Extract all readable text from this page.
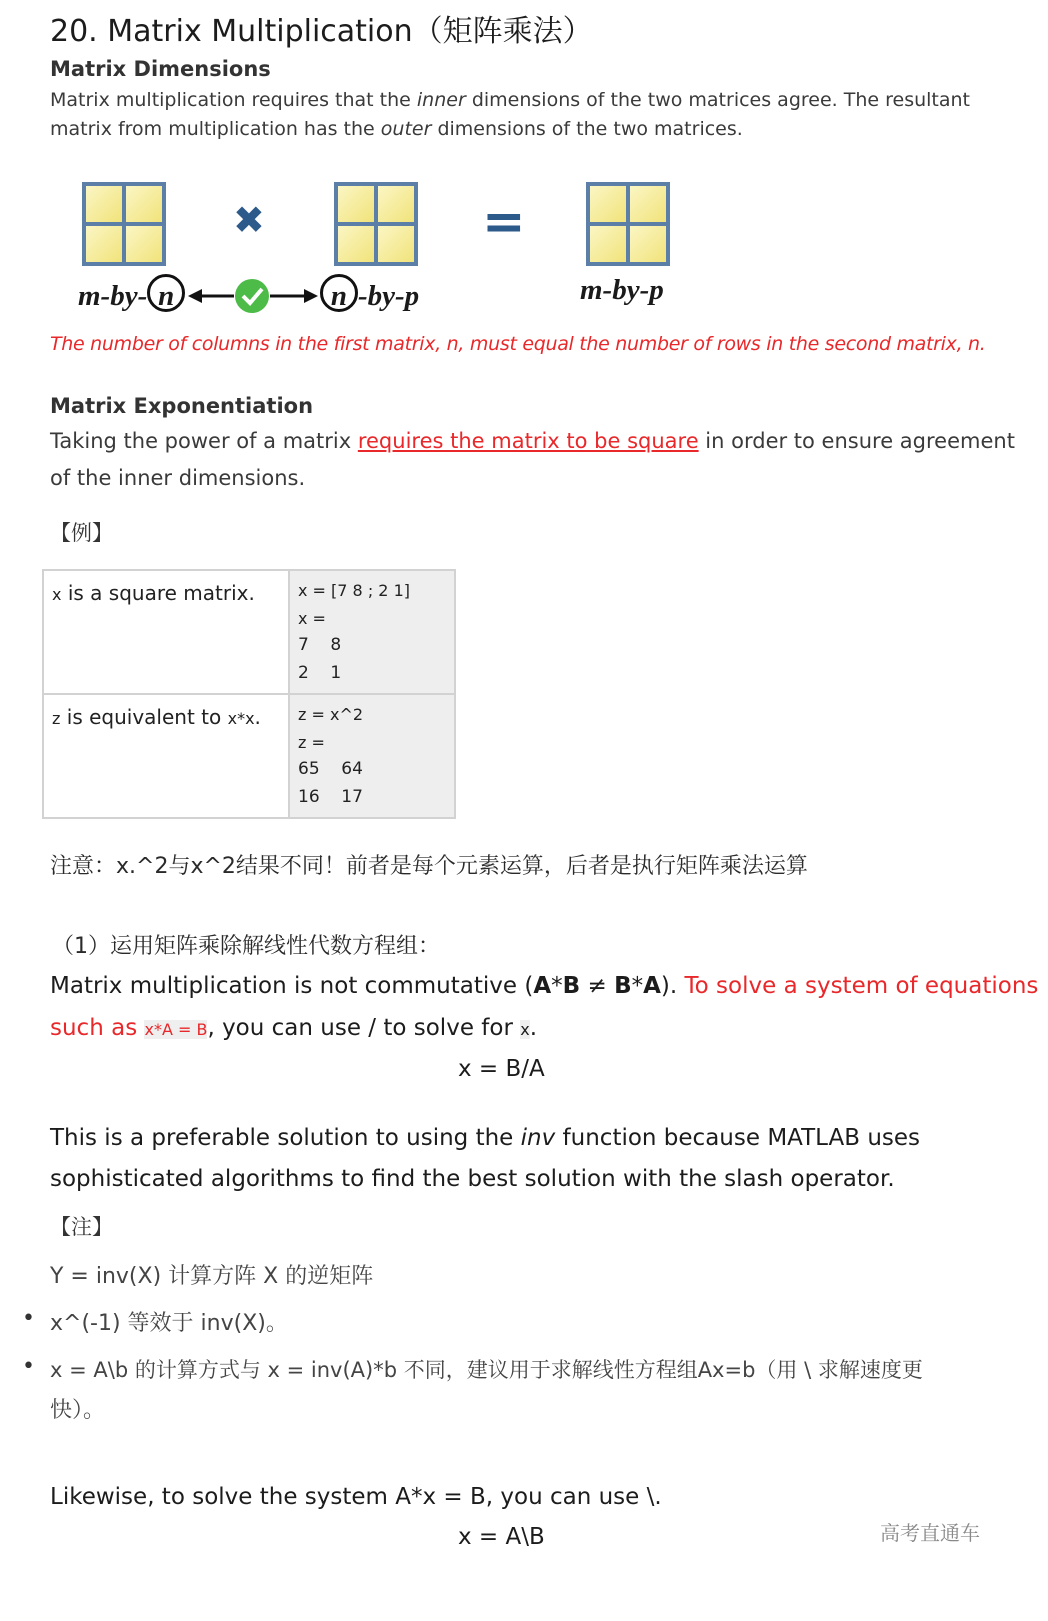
20. Matrix Multiplication（矩阵乘法）
Matrix Dimensions
Matrix multiplication requires that the inner dimensions of the two matrices agree. The resultant
matrix from multiplication has the outer dimensions of the two matrices.
✖	=
m-by- n	n -by-p	m-by-p
The number of columns in the first matrix, n, must equal the number of rows in the second matrix, n.
Matrix Exponentiation
Taking the power of a matrix requires the matrix to be square in order to ensure agreement
of the inner dimensions.
【例】
x is a square matrix.	x = [7 8 ; 2 1]
x =
7    8
2    1

z is equivalent to x*x.	z = x^2
z =
65    64
16    17
注意：x.^2与x^2结果不同！前者是每个元素运算，后者是执行矩阵乘法运算
（1）运用矩阵乘除解线性代数方程组：
Matrix multiplication is not commutative (A*B ≠ B*A). To solve a system of equations
such as x*A = B, you can use / to solve for x.
x = B/A
This is a preferable solution to using the inv function because MATLAB uses
sophisticated algorithms to find the best solution with the slash operator.
【注】
Y = inv(X) 计算方阵 X 的逆矩阵
• x^(-1) 等效于 inv(X)。
• x = A\b 的计算方式与 x = inv(A)*b 不同，建议用于求解线性方程组Ax=b（用 \ 求解速度更
快）。
Likewise, to solve the system A*x = B, you can use \.
x = A\B	高考直通车
